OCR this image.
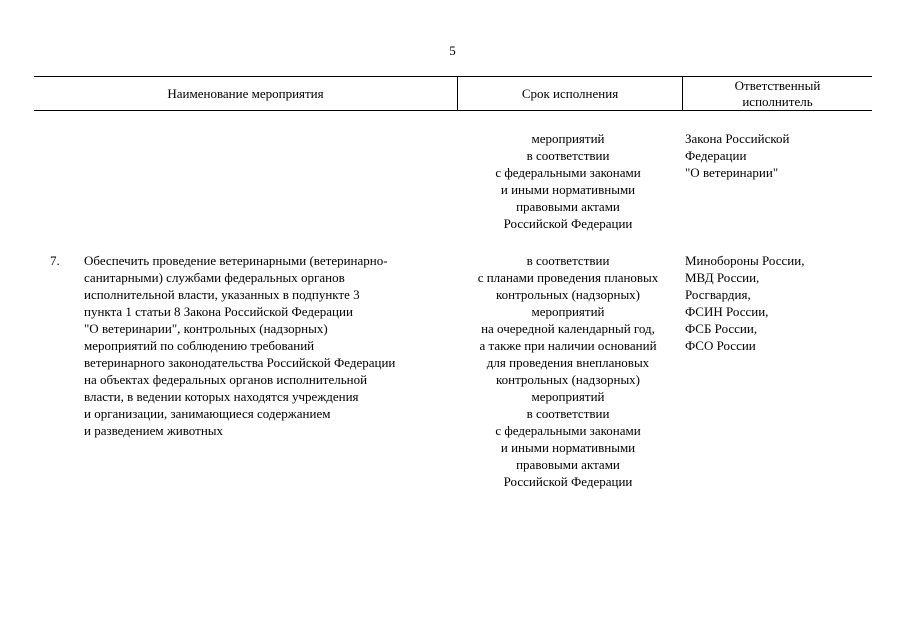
5
Наименование мероприятия	Срок исполнения
Ответственный
исполнитель
мероприятий
в соответствии
с федеральными законами
и иными нормативными
правовыми актами
Российской Федерации
Закона Российской
Федерации
"О ветеринарии"
7. Обеспечить проведение ветеринарными (ветеринарно-
санитарными) службами федеральных органов
исполнительной власти, указанных в подпункте 3
пункта 1 статьи 8 Закона Российской Федерации
"О ветеринарии", контрольных (надзорных)
мероприятий по соблюдению требований
ветеринарного законодательства Российской Федерации
на объектах федеральных органов исполнительной
власти, в ведении которых находятся учреждения
и организации, занимающиеся содержанием
и разведением животных
в соответствии
с планами проведения плановых
контрольных (надзорных)
мероприятий
на очередной календарный год,
а также при наличии оснований
для проведения внеплановых
контрольных (надзорных)
мероприятий
в соответствии
с федеральными законами
и иными нормативными
правовыми актами
Российской Федерации
Минобороны России,
МВД России,
Росгвардия,
ФСИН России,
ФСБ России,
ФСО России
